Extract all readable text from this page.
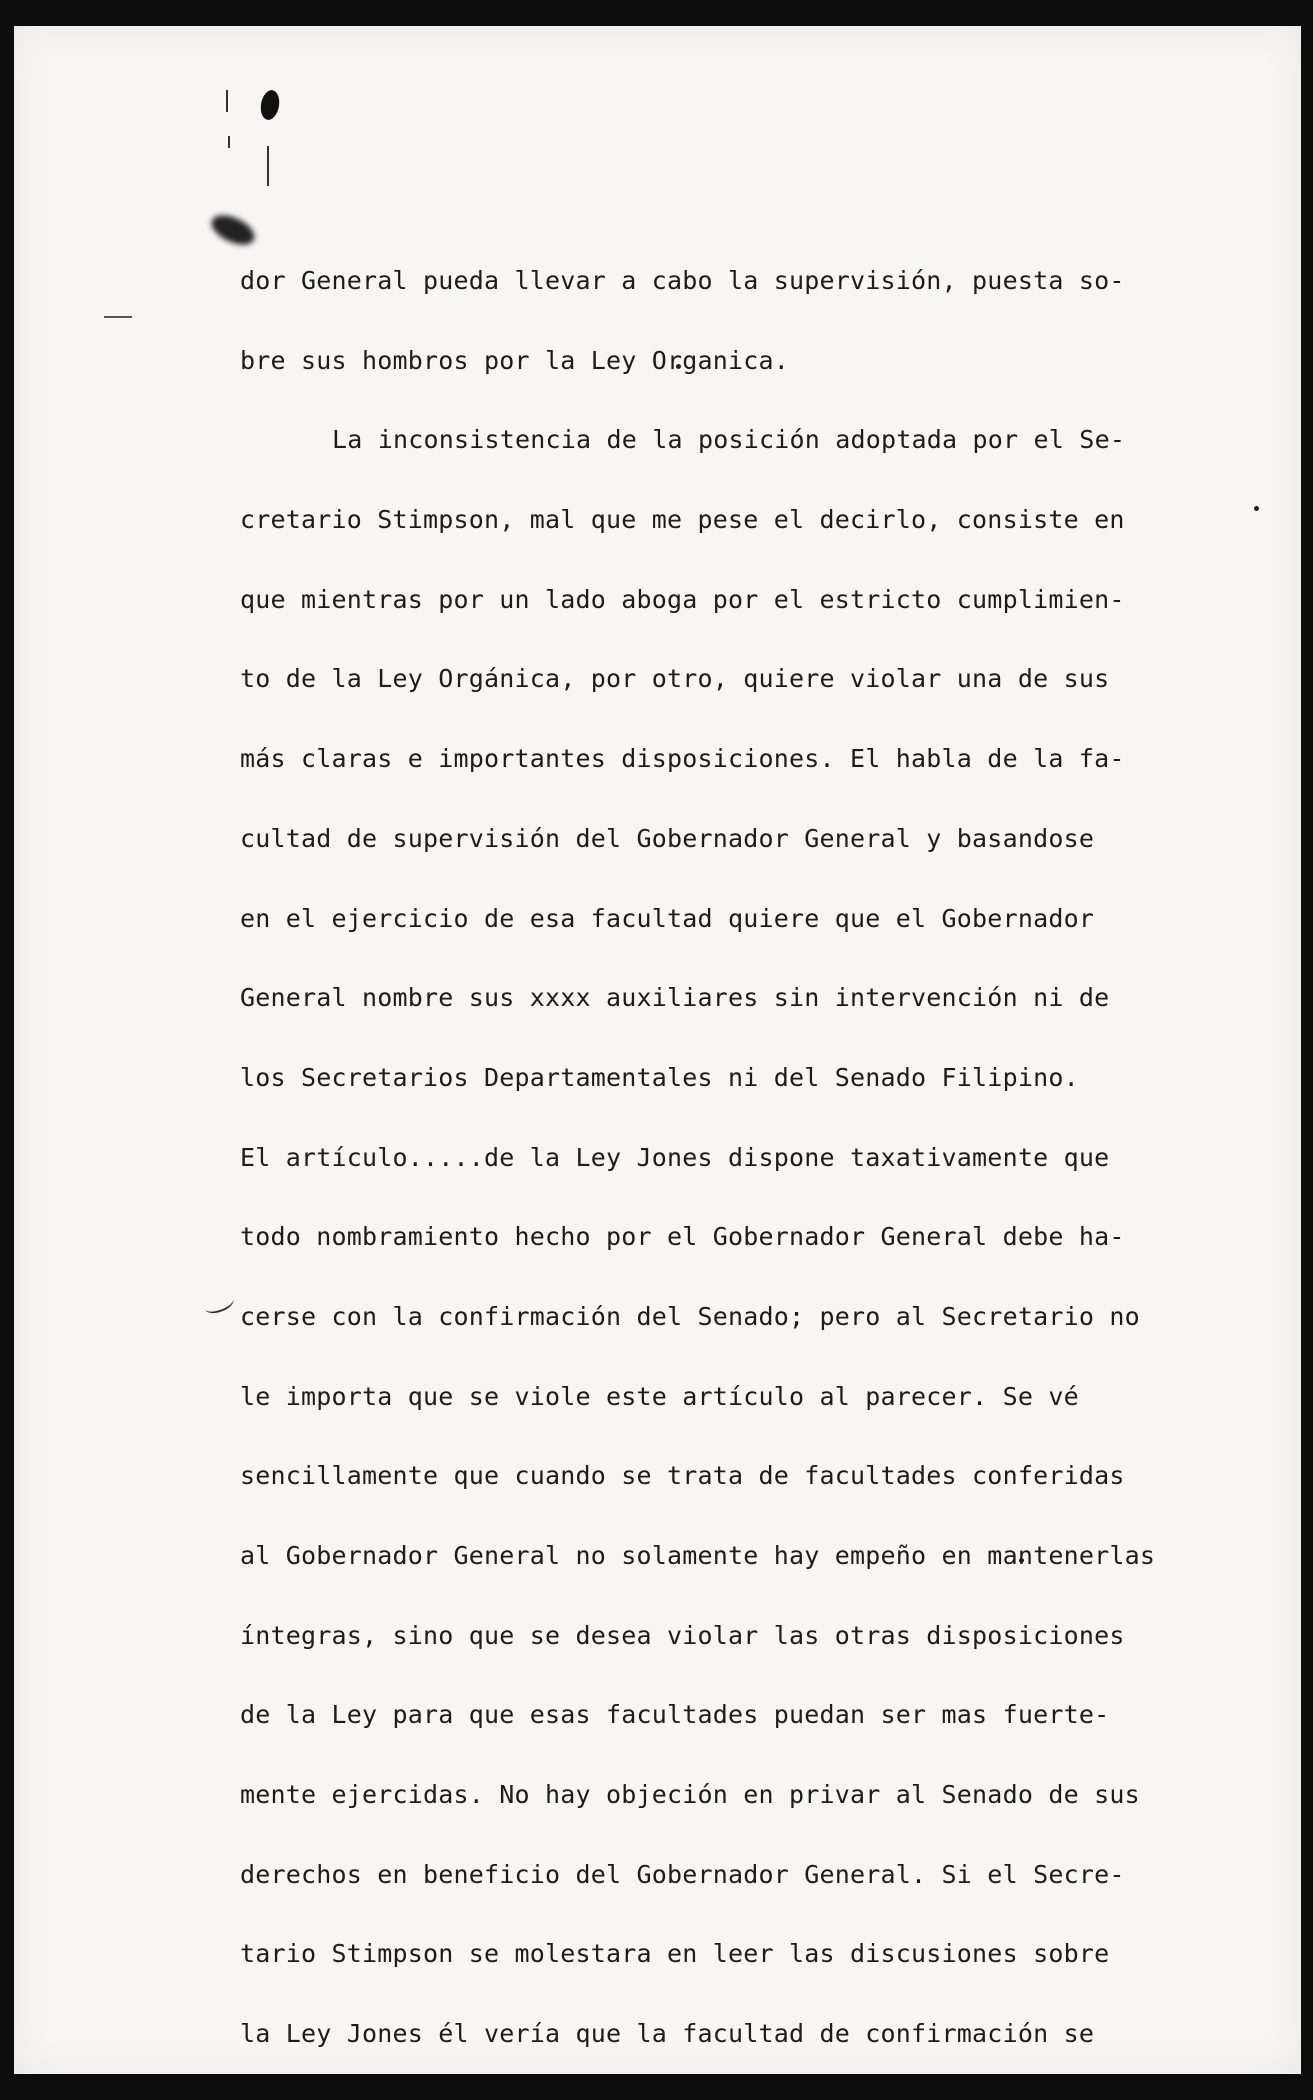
dor General pueda llevar a cabo la supervisión, puesta so-
bre sus hombros por la Ley Organica.
La inconsistencia de la posición adoptada por el Se-
cretario Stimpson, mal que me pese el decirlo, consiste en
que mientras por un lado aboga por el estricto cumplimien-
to de la Ley Orgánica, por otro, quiere violar una de sus
más claras e importantes disposiciones. El habla de la fa-
cultad de supervisión del Gobernador General y basandose
en el ejercicio de esa facultad quiere que el Gobernador
General nombre sus xxxx auxiliares sin intervención ni de
los Secretarios Departamentales ni del Senado Filipino.
El artículo.....de la Ley Jones dispone taxativamente que
todo nombramiento hecho por el Gobernador General debe ha-
cerse con la confirmación del Senado; pero al Secretario no
le importa que se viole este artículo al parecer. Se vé
sencillamente que cuando se trata de facultades conferidas
al Gobernador General no solamente hay empeño en mantenerlas
íntegras, sino que se desea violar las otras disposiciones
de la Ley para que esas facultades puedan ser mas fuerte-
mente ejercidas. No hay objeción en privar al Senado de sus
derechos en beneficio del Gobernador General. Si el Secre-
tario Stimpson se molestara en leer las discusiones sobre
la Ley Jones él vería que la facultad de confirmación se
